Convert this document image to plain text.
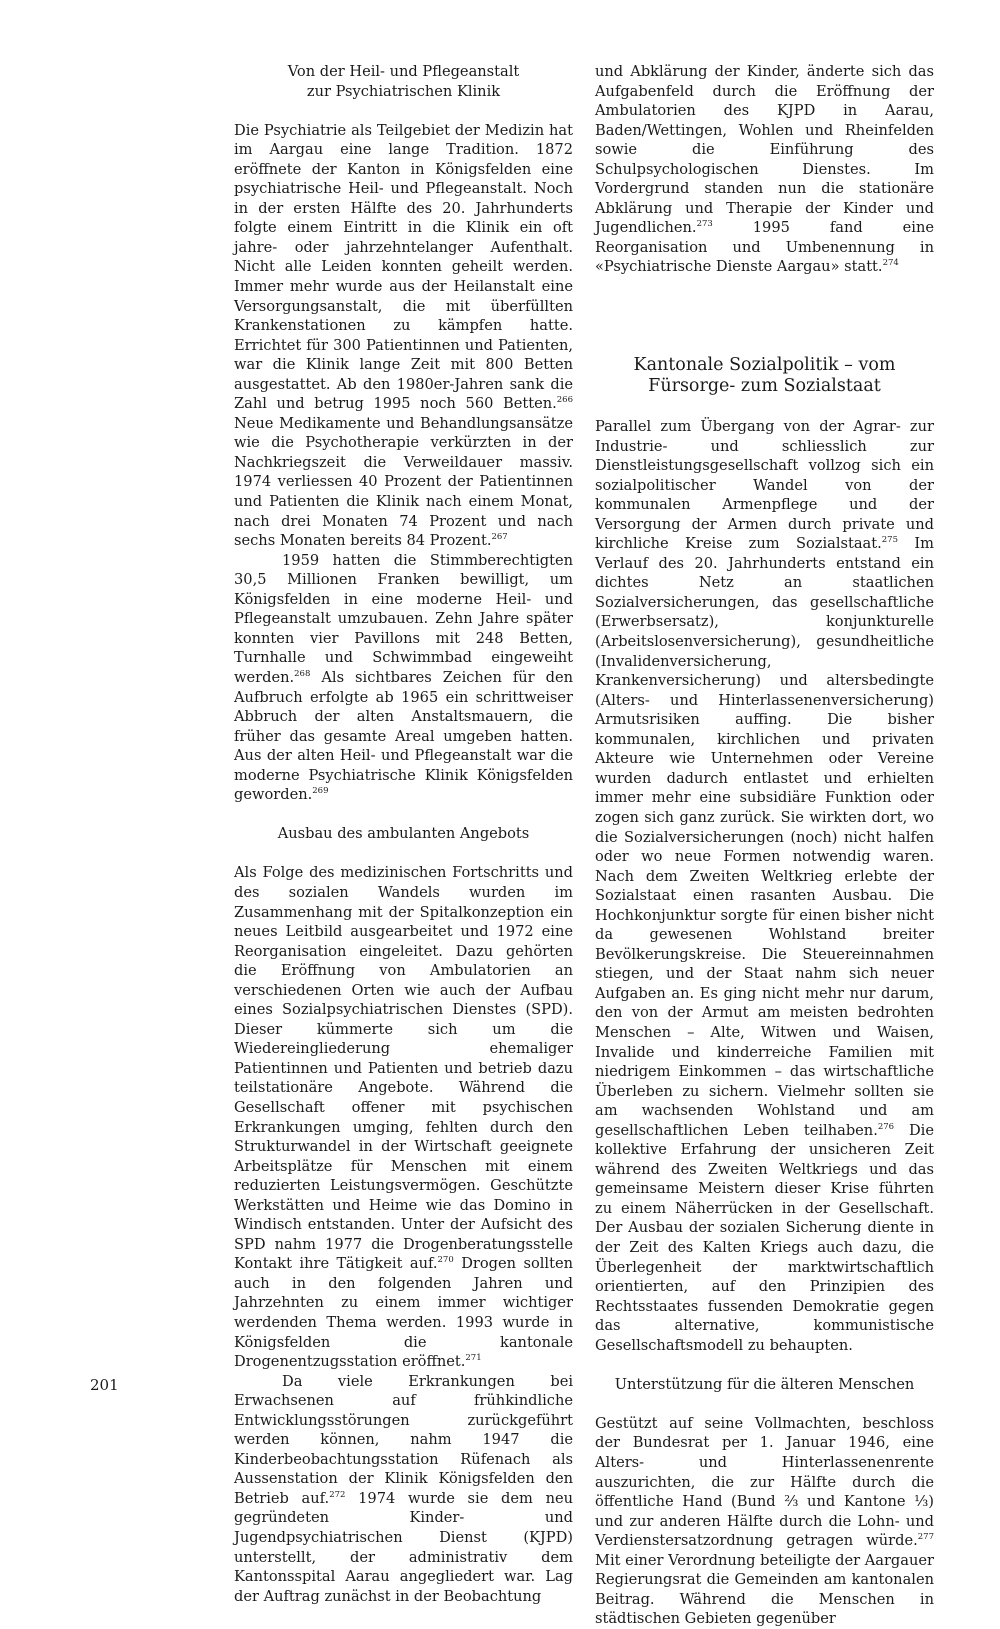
Von der Heil- und Pflegeanstalt zur Psychiatrischen Klinik

Die Psychiatrie als Teilgebiet der Medizin hat im Aargau eine lange Tradition. 1872 eröffnete der Kanton in Königsfelden eine psychiatrische Heil- und Pflegeanstalt. Noch in der ersten Hälfte des 20. Jahrhunderts folgte einem Eintritt in die Klinik ein oft jahre- oder jahrzehntelanger Aufenthalt. Nicht alle Leiden konnten geheilt werden. Immer mehr wurde aus der Heilanstalt eine Versorgungsanstalt, die mit überfüllten Krankenstationen zu kämpfen hatte. Errichtet für 300 Patientinnen und Patienten, war die Klinik lange Zeit mit 800 Betten ausgestattet. Ab den 1980er-Jahren sank die Zahl und betrug 1995 noch 560 Betten.$^{266}$ Neue Medikamente und Behandlungsansätze wie die Psychotherapie verkürzten in der Nachkriegszeit die Verweildauer massiv. 1974 verliessen 40 Prozent der Patientinnen und Patienten die Klinik nach einem Monat, nach drei Monaten 74 Prozent und nach sechs Monaten bereits 84 Prozent.$^{267}$

1959 hatten die Stimmberechtigten 30,5 Millionen Franken bewilligt, um Königsfelden in eine moderne Heil- und Pflegeanstalt umzubauen. Zehn Jahre später konnten vier Pavillons mit 248 Betten, Turnhalle und Schwimmbad eingeweiht werden.$^{268}$ Als sichtbares Zeichen für den Aufbruch erfolgte ab 1965 ein schrittweiser Abbruch der alten Anstaltsmauern, die früher das gesamte Areal umgeben hatten. Aus der alten Heil- und Pflegeanstalt war die moderne Psychiatrische Klinik Königsfelden geworden.$^{269}$

Ausbau des ambulanten Angebots

Als Folge des medizinischen Fortschritts und des sozialen Wandels wurden im Zusammenhang mit der Spitalkonzeption ein neues Leitbild ausgearbeitet und 1972 eine Reorganisation eingeleitet. Dazu gehörten die Eröffnung von Ambulatorien an verschiedenen Orten wie auch der Aufbau eines Sozialpsychiatrischen Dienstes (SPD). Dieser kümmerte sich um die Wiedereingliederung ehemaliger Patientinnen und Patienten und betrieb dazu teilstationäre Angebote. Während die Gesellschaft offener mit psychischen Erkrankungen umging, fehlten durch den Strukturwandel in der Wirtschaft geeignete Arbeitsplätze für Menschen mit einem reduzierten Leistungsvermögen. Geschützte Werkstätten und Heime wie das Domino in Windisch entstanden. Unter der Aufsicht des SPD nahm 1977 die Drogenberatungsstelle Kontakt ihre Tätigkeit auf.$^{270}$ Drogen sollten auch in den folgenden Jahren und Jahrzehnten zu einem immer wichtiger werdenden Thema werden. 1993 wurde in Königsfelden die kantonale Drogenentzugsstation eröffnet.$^{271}$

Da viele Erkrankungen bei Erwachsenen auf frühkindliche Entwicklungsstörungen zurückgeführt werden können, nahm 1947 die Kinderbeobachtungsstation Rüfenach als Aussenstation der Klinik Königsfelden den Betrieb auf.$^{272}$ 1974 wurde sie dem neu gegründeten Kinder- und Jugendpsychiatrischen Dienst (KJPD) unterstellt, der administrativ dem Kantonsspital Aarau angegliedert war. Lag der Auftrag zunächst in der Beobachtung

und Abklärung der Kinder, änderte sich das Aufgabenfeld durch die Eröffnung der Ambulatorien des KJPD in Aarau, Baden/Wettingen, Wohlen und Rheinfelden sowie die Einführung des Schulpsychologischen Dienstes. Im Vordergrund standen nun die stationäre Abklärung und Therapie der Kinder und Jugendlichen.$^{273}$ 1995 fand eine Reorganisation und Umbenennung in «Psychiatrische Dienste Aargau» statt.$^{274}$

Kantonale Sozialpolitik – vom Fürsorge- zum Sozialstaat

Parallel zum Übergang von der Agrar- zur Industrie- und schliesslich zur Dienstleistungsgesellschaft vollzog sich ein sozialpolitischer Wandel von der kommunalen Armenpflege und der Versorgung der Armen durch private und kirchliche Kreise zum Sozialstaat.$^{275}$ Im Verlauf des 20. Jahrhunderts entstand ein dichtes Netz an staatlichen Sozialversicherungen, das gesellschaftliche (Erwerbsersatz), konjunkturelle (Arbeitslosenversicherung), gesundheitliche (Invalidenversicherung, Krankenversicherung) und altersbedingte (Alters- und Hinterlassenenversicherung) Armutsrisiken auffing. Die bisher kommunalen, kirchlichen und privaten Akteure wie Unternehmen oder Vereine wurden dadurch entlastet und erhielten immer mehr eine subsidiäre Funktion oder zogen sich ganz zurück. Sie wirkten dort, wo die Sozialversicherungen (noch) nicht halfen oder wo neue Formen notwendig waren. Nach dem Zweiten Weltkrieg erlebte der Sozialstaat einen rasanten Ausbau. Die Hochkonjunktur sorgte für einen bisher nicht da gewesenen Wohlstand breiter Bevölkerungskreise. Die Steuereinnahmen stiegen, und der Staat nahm sich neuer Aufgaben an. Es ging nicht mehr nur darum, den von der Armut am meisten bedrohten Menschen – Alte, Witwen und Waisen, Invalide und kinderreiche Familien mit niedrigem Einkommen – das wirtschaftliche Überleben zu sichern. Vielmehr sollten sie am wachsenden Wohlstand und am gesellschaftlichen Leben teilhaben.$^{276}$ Die kollektive Erfahrung der unsicheren Zeit während des Zweiten Weltkriegs und das gemeinsame Meistern dieser Krise führten zu einem Näherrücken in der Gesellschaft. Der Ausbau der sozialen Sicherung diente in der Zeit des Kalten Kriegs auch dazu, die Überlegenheit der marktwirtschaftlich orientierten, auf den Prinzipien des Rechtsstaates fussenden Demokratie gegen das alternative, kommunistische Gesellschaftsmodell zu behaupten.

Unterstützung für die älteren Menschen

Gestützt auf seine Vollmachten, beschloss der Bundesrat per 1. Januar 1946, eine Alters- und Hinterlassenenrente auszurichten, die zur Hälfte durch die öffentliche Hand (Bund ⅔ und Kantone ⅓) und zur anderen Hälfte durch die Lohn- und Verdienstersatzordnung getragen würde.$^{277}$ Mit einer Verordnung beteiligte der Aargauer Regierungsrat die Gemeinden am kantonalen Beitrag. Während die Menschen in städtischen Gebieten gegenüber

201
